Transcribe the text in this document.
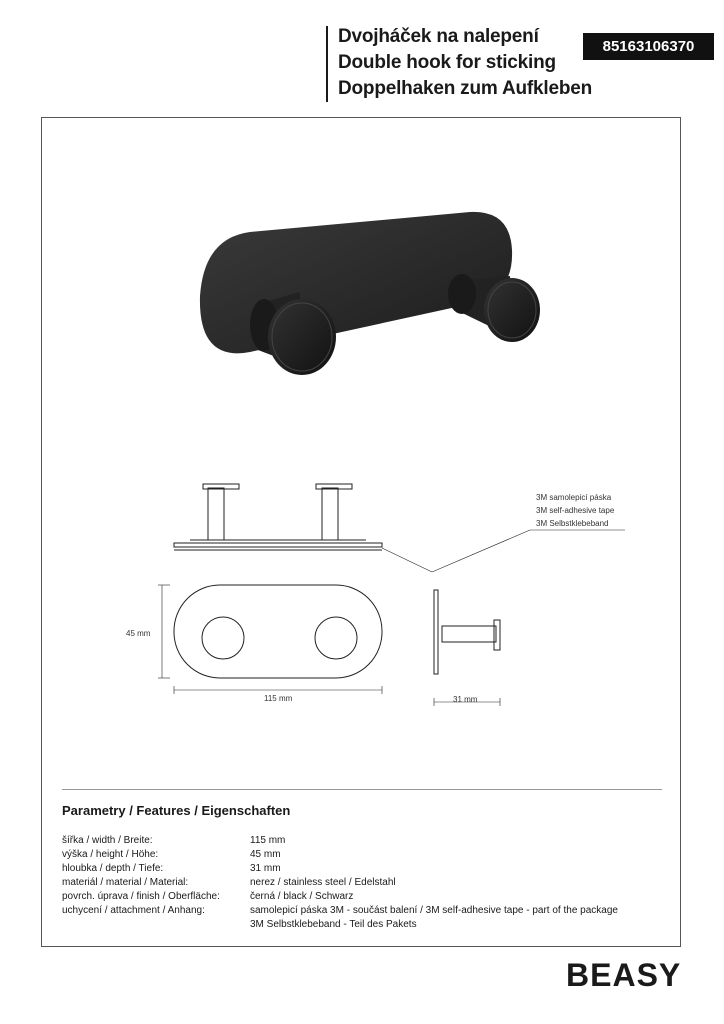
Dvojháček na nalepení
Double hook for sticking
Doppelhaken zum Aufkleben
85163106370
3M samolepicí páska
3M self-adhesive tape
3M Selbstklebeband
45 mm
115 mm	31 mm
Parametry / Features / Eigenschaften
šířka / width / Breite:	115 mm
výška / height / Höhe:	45 mm
hloubka / depth / Tiefe:	31 mm
materiál / material / Material:	nerez / stainless steel / Edelstahl
povrch. úprava / finish / Oberfläche:	černá / black / Schwarz
uchycení / attachment / Anhang:	samolepicí páska 3M - součást balení / 3M self-adhesive tape - part of the package
3M Selbstklebeband - Teil des Pakets
BEASY
